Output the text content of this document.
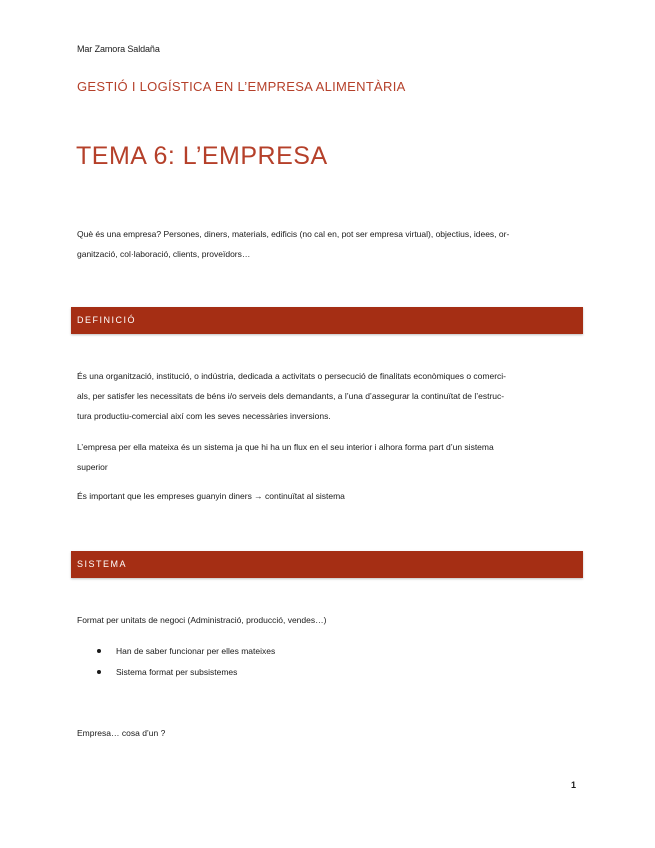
Mar Zamora Saldaña
GESTIÓ I LOGÍSTICA EN L’EMPRESA ALIMENTÀRIA
TEMA 6: L’EMPRESA
Què és una empresa? Persones, diners, materials, edificis (no cal en, pot ser empresa virtual), objectius, idees, or-
ganització, col·laboració, clients, proveïdors…
DEFINICIÓ
És una organització, institució, o indústria, dedicada a activitats o persecució de finalitats econòmiques o comerci-
als, per satisfer les necessitats de béns i/o serveis dels demandants, a l’una d’assegurar la continuïtat de l’estruc-
tura productiu-comercial així com les seves necessàries inversions.
L’empresa per ella mateixa és un sistema ja que hi ha un flux en el seu interior i alhora forma part d’un sistema
superior
És important que les empreses guanyin diners → continuïtat al sistema
SISTEMA
Format per unitats de negoci (Administració, producció, vendes…)
Han de saber funcionar per elles mateixes
Sistema format per subsistemes
Empresa… cosa d’un ?
1
